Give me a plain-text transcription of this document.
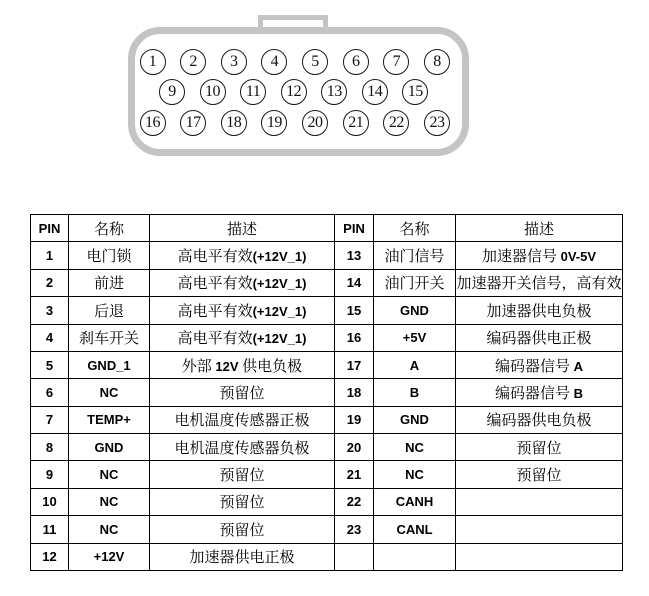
1	2	3	4	5	6	7	8
9	10	11	12	13	14	15
16	17	18	19	20	21	22	23
PIN	名称	描述	PIN	名称	描述
1	电门锁	高电平有效(+12V_1)	13	油门信号	加速器信号 0V-5V
2	前进	高电平有效(+12V_1)	14	油门开关	加速器开关信号，高有效
3	后退	高电平有效(+12V_1)	15	GND	加速器供电负极
4	刹车开关	高电平有效(+12V_1)	16	+5V	编码器供电正极
5	GND_1	外部 12V 供电负极	17	A	编码器信号 A
6	NC	预留位	18	B	编码器信号 B
7	TEMP+	电机温度传感器正极	19	GND	编码器供电负极
8	GND	电机温度传感器负极	20	NC	预留位
9	NC	预留位	21	NC	预留位
10	NC	预留位	22	CANH	
11	NC	预留位	23	CANL	
12	+12V	加速器供电正极			
